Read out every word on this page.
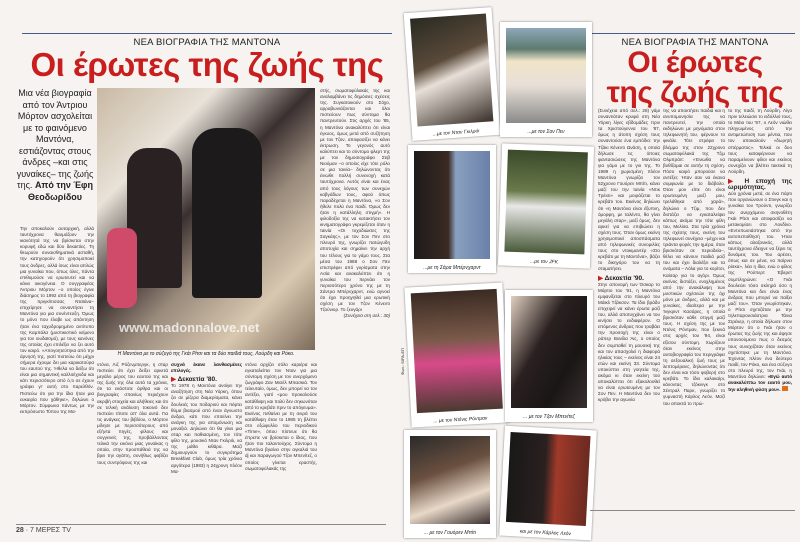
ΝΕΑ ΒΙΟΓΡΑΦΙΑ ΤΗΣ ΜΑΝΤΟΝΑ
Οι έρωτες της ζωής της
Μια νέα βιογραφία από τον Άντριου Μόρτον ασχολείται με το φαινόμενο Μαντόνα, εστιάζοντας στους άνδρες –και στις γυναίκες– της ζωής της. Από την Έφη Θεοδωρίδου
Την αποκαλούν αυταρχική, αλλά ταυτόχρονα θαυμάζουν την ικανότητά της να βρίσκεται στην κορυφή εδώ και δύο δεκαετίες. Τη θεωρούν συναισθηματικά ασταθή, την κατηγορούν ότι χρησιμοποιεί τους άνδρες, αλλά ίσως είναι απλώς μια γυναίκα που, όπως όλες, πάντα επιθυμούσε να ερωτευτεί και να κάνει οικογένεια. Ο συγγραφέας Άντριου Μόρτον –ο οποίος έγινε διάσημος το 1992 από τη βιογραφία της πριγκίπισσας Νταϊάνα– επιχείρησε να συναντήσει τη Μαντόνα για μια συνέντευξη. Όμως το μόνο που έλαβε ως απάντηση ήταν ένα ταχυδρομημένο αντίτυπο της Καμπάλα (μυστικιστικό κείμενο για τον ιουδαϊσμό), με τους κανόνες της οποίας έχει επιλέξει να ζει αυτό τον καιρό. «Απογοητεύτηκα από την άρνησή της, γιατί πιστεύω ότι μέχρι σήμερα έχουμε δει μια καρικατούρα του εαυτού της. Ήθελα να δείξω ότι είναι μια σημαντική καλλιτέχνιδα και κάτι περισσότερο από ό,τι σε έχουν γράψει γι' αυτή στο παρελθόν. Πιστεύω ότι για την ίδια ήταν μια ευκαιρία που χάθηκε», δηλώνει ο Μόρτον. Σύμφωνα πάντως με την εκπρόσωπο Τύπου της Μα-
www.madonnalove.net
Η Μαντόνα με το σύζυγό της Γκάι Ρίτσι και τα δύο παιδιά τους, Λούρδη και Ρόκο.
στής, σωματοφύλακάς της και αναλαμβάνει τις δημόσιες σχέσεις της. Συγκατοικούν στο Σόχο, αρραβωνιάζονται και όλοι πιστεύουν πως σύντομα θα παντρευτούν. Στις αρχές του '85, η Μαντόνα ανακαλύπτει ότι είναι έγκυος, όμως μετά από συζήτηση με τον Τζον, αποφασίζει να κάνει έκτρωση. Το γεγονός αυτό καλύπτει και το σύντομο φλερτ της με τον δημοσιογράφο Στιβ Νιούμαν –ο οποίος είχε τότε ρόλο σε μια ταινία– δηλώνοντας ότι ένιωθε πολλή συνενοχή κατά ταυτόχρονα. Αυτός είναι και ένας από τους λόγους των συνεχών καβγάδων τους, αφού όπως παραδέχεται η Μαντόνα, «ο Σον ήθελε πολύ ένα παιδί. Όμως δεν ήταν η κατάλληλη στιγμή». Η φιλοδοξία της να κατακτήσει τον κινηματογράφο γκρεμίζεται όταν η ταινία «Οι τυχοδιώκτες της Σαγκάης», με τον Σον Πεν στο πλευρό της, γνωρίζει πατώγυδη αποτυχία και σημαίνει την αρχή του τέλους για το γάμο τους. Στα μέσα του 1988 ο Σον Πεν επιστρέφει από γυρίσματα στην Ασία και ανακαλύπτει ότι η γυναίκα του περνάει τον περισσότερο χρόνο της με τη Σάντρα Μπέρνχαρντ, ενώ αγνοεί ότι έχει προηγηθεί μια ερωτική σχέση με τον Τζον Κένεντι Τζούνιορ. Το ζευγάρι
(Συνέχεια στη σελ.: 30)
ντόνα, Λιζ Ρόζενμπεργκ, η σταρ πιστεύει ότι έχει δείξει αρκετά μεγάλο μέρος του εαυτού της και της ζωής της όλα αυτά τα χρόνια, ότι τα εκάστοτε άρθρα και οι βιογραφίες σπανίως περιέχουν ακριβή στοιχεία και αλήθειες και ότι σε τελική ανάλυση τοκοινό δεν πιστεύει τίποτε απ' όλα αυτά. Για τις ανάγκες του βιβλίου, ο Μόρτον μίλησε με περισσότερους από εξήντα πηγές, φίλους και συγγενείς της, προβάλλοντας τελικά την εικόνα μιας γυναίκας η οποία, στην προσπάθειά της να βρει την αγάπη, συνήθως φοβίζει τους συντρόφους της και
συχνά έκανε λανθασμένες επιλογές.
▶ Δεκαετία '80.
Το 1978 η Μαντόνα ανοίγει την αναζήτηση στη Νέα Υόρκη, όπου ζει σε μίζερα διαμερίσματα, κάνει δουλειές του ποδαριού και πέφτει θύμα βιασμού από έναν άγνωστο άνδρα, κάτι που επιτείνει την ανάγκη της για απομόνωση και μοναξιά. Δηλώνει ότι θα γίνει μια σταρ και παθιασμένη, τον τότε φίλο της, μουσικό Νταν Γκιλρόι, να της μάθει κιθάρα. Μαζί δημιουργούν το συγκρότημα Breakfast Club, όμως τρία χρόνια αργότερα (1983) η 24χρονη πλέον Μα-
ντόνα αρχίζει σόλο καριέρα και εγκαταλείπει τον Νταν για μια σύντομη σχέση με τον ανερχόμενο ζωγράφο Ζαν Μισέλ Μπασκιά. Τον τελευταίο, όμως, δεν μπορεί να τον αντέξει, γιατί «μου προκαλούσε κατάθλιψη και πολύ δεν σηκωνόταν από το κρεβάτι πριν το απόγευμα». Εκείνος πεθαίνει με τη σειρά του κατάθλιψη όταν το 1985 τη βλέπει στο εξώφυλλο του περιοδικού «Time», όπου πίστευε ότι θα έπρεπε να βρίσκεται ο ίδιος, που ήταν πιο ταλαντούχος. Σύντομα η Μαντόνα βγαίνει στην αγκαλιά του dj και παραγωγού Τζον Μπενίτεζ, ο οποίος γίνεται εραστής, σωματοφύλακάς της
28 · 7 ΜΕΡΕΣ TV
ΝΕΑ ΒΙΟΓΡΑΦΙΑ ΤΗΣ ΜΑΝΤΟΝΑ
Οι έρωτες
της ζωής της
...με τον Νταν Γκιλρόι	...με τον Σον Πεν
...με τη Σάρα Μπέρνχαρντ
...με τον JFK
... με τον Ντένις Ρόντμαν	... με τον Τζον Μπενίτεζ
... με τον Γουόρεν Μπίτι	και με τον Κάρλος Λεόν
Φωτ.: SIPA-ΕΠ
(Συνέχεια από σελ.: 28) γάμι συναντιόταν κρυφά στη Νέα Υόρκη λίγες εβδομάδες πριν τα Χριστούγεννα του '87, όμως η άτοπη σχέση τους συναντούσε ένα εμπόδιο: την Τζάκι Κένεντι Ωνάση, η οποία δήλωσε τις όποιες φαντασιώσεις της Μαντόνα για γάμο με το γιο της. Το 1989 η χωρισμένη πλέον Μαντόνα γνωρίζει τον 52χρονο Γουόρεν Μπίτι, κάνει μαζί του την ταινία «Ντικ Τρέισι» και μοιράζεται το κρεβάτι του. Εκείνος δηλώνει ότι «η Μαντόνα είναι έξυπνη, όμορφη, με ταλέντο, θα γίνει μεγάλη σταρ», μαζί όμως, δεν αρκεί για να επιβιώσει η σχέση τους. Όταν όμως εκείνη χρησιμοποιεί αποσπάσματα από τηλεφωνικές συνομιλίες τους στο ντοκιμαντέρ «Στο κρεβάτι με τη Μαντόνα», βάζει το δικηγόρο του να τη σταματήσει.
▶ Δεκαετία '90.
Στην απονομή των Όσκαρ το Μάρτιο του '91, η Μαντόνα εμφανίζεται στο πλευρό του Μάικλ Τζάκσον. Τα ίδιο βράδυ επιχειρεί να κάνει έρωτα μαζί του, αλλά αποτυγχάνει να του κινήσει το ενδιαφέρον. Ο επόμενος άνδρας που τραβάει την προσοχή της είναι ο ράπερ Βανίλα Άις, ο οποίος δεν συμπαθεί τη μουσική της και τον απασχολεί η διαφορά ηλικίας τους – εκείνος είναι 24 ετών και εκείνη 33. Σύντομα υποκύπτει στη γοητεία της, ακόμα κι όταν εκείνη τού αποκαλύπτει ότι εξακολουθεί να είναι ερωτευμένη με τον Σον Πεν. Η Μαντόνα δεν του κρύβει την αγωνία
της να αποκτήσει παιδιά και η ανυπομονησία της να παντρευτεί, την οποία εκδηλώνει με μηνύματα στον τηλεφωνητή του, φέρνουν το φινάλε. Τότε στρέφει το βλέμμα της στον 22χρονο σωματοφύλακά της Τζιμ Ολμπράιτ: «Ένιωθα να βυθίζομαι σε αυτήν τη σχέση. Πόσο καιρό μπορούσε να αντέξει; Ήταν σαν να έκανα συμφωνία με το διάβολο. Όταν μου είπε ότι είναι ερωτευμένη μαζί μου, τρελάθηκα από χαρά», δηλώνει ο Τζιμ, που δεν διστάζει να εγκαταλείψει κάπως ακόμα την τότε φίλη του, Μελίσα. Στα τρία χρόνια της σχέσης τους, εκείνη του τηλεφωνεί συνέχεια –μέχρι και τριάντα φορές την ημέρα, όταν βρισκόταν σε περιοδεία–, θέλει να κάνουν παιδιά μαζί του και έχει διαλέξει και τα ονόματα – Λόλα για το κορίτσι, Καίσαρ για το αγόρι. Όμως εκείνος διστάζει, ενοχλημένος από την ανακάλυψη των μυστικών σχέσεών της όχι μόνο με άνδρες, αλλά και με γυναίκες, ιδιαίτερα με την Ίνγκριντ Κασάρες, η οποία βρισκόταν κάθε στιγμή μαζί τους. Η σχέση της με τον Ντένις Ρόντμαν, που ξεκινά στις αρχές του '94, είναι εξίσου σύντομη. Χωρίζουν όταν εκείνος στην αυτοβιογραφία του περιγράφει τη σεξουαλική ζωή τους με λεπτομέρειες, δηλώνοντας ότι δεν είναι και τόσο φοβερή στο κρεβάτι. Το ίδιο καλοκαίρι, κάνοντας τζόκινγκ στο Σέντραλ Παρκ, γνωρίζει το γυμναστή Κάρλος Λεόν. Μαζί του αποκτά το πρώ-
το της παιδί, τη Λούρδη. Λίγο πριν τελειώσει το ειδύλλιό τους, το Μάιο του '97, ο Λεόν νιώθει πληγωμένος από την αντιμετώπιση των μέντια, που τον αποκαλούν «δωρητή σπέρματος». Τελικά οι δυο τους καταφέρνουν να παραμείνουν φίλοι και εκείνος συνεχίζει να βλέπει τακτικά τη Λούρδη.
▶ Η εποχή της ωριμότητας.
Δύο χρόνια μετά, σε ένα πάρτι που οργανώνουν ο Στινγκ και η γυναίκα του Τρούντι, γνωρίζει τον ανερχόμενο σκηνοθέτη Γκάι Ρίτσι και αποφασίζει να μετακομίσει στο Λονδίνο. «Εντυπωσιάστηκα από την αυτοπεποίθησή του. Ήταν κάπως αλαζονικός, αλλά ταυτόχρονα έδειχνε να ξέρει τις δυνάμεις του. Του αρέσει, όπως και σε μένα, να παίρνει ρίσκα», λέει η ίδια, ενώ ο φίλος της Ρούπερτ Έβερετ συμπληρώνει: «Ο Γκάι δουλεύει τόσο σκληρά όσο η Μαντόνα και δεν είναι ένας άνδρας που μπορεί να παίξει μαζί του». Όταν γνωρίστηκαν, ο Ρίτσι σχετιζόταν με την τηλεπαρουσιάστρια Τάνια Στρέκερ, η οποία δήλωσε στον Μόρτον ότι ο Γκάι ήταν ο έρωτας της ζωής της και άφησε υπονοούμενα πως ο δεσμός τους συνεχιζόταν όταν εκείνος σχετίστηκε με τη Μαντόνα. Έχοντας πλέον ένα δεύτερο παιδί, τον Ρόκο, και ένα σύζυγο στο πλευρό της, τον Γκάι, η Μαντόνα δηλώνει: «Εγώ αυτό ανακαλύπτω τον εαυτό μου, την αληθινή φύση μου».
